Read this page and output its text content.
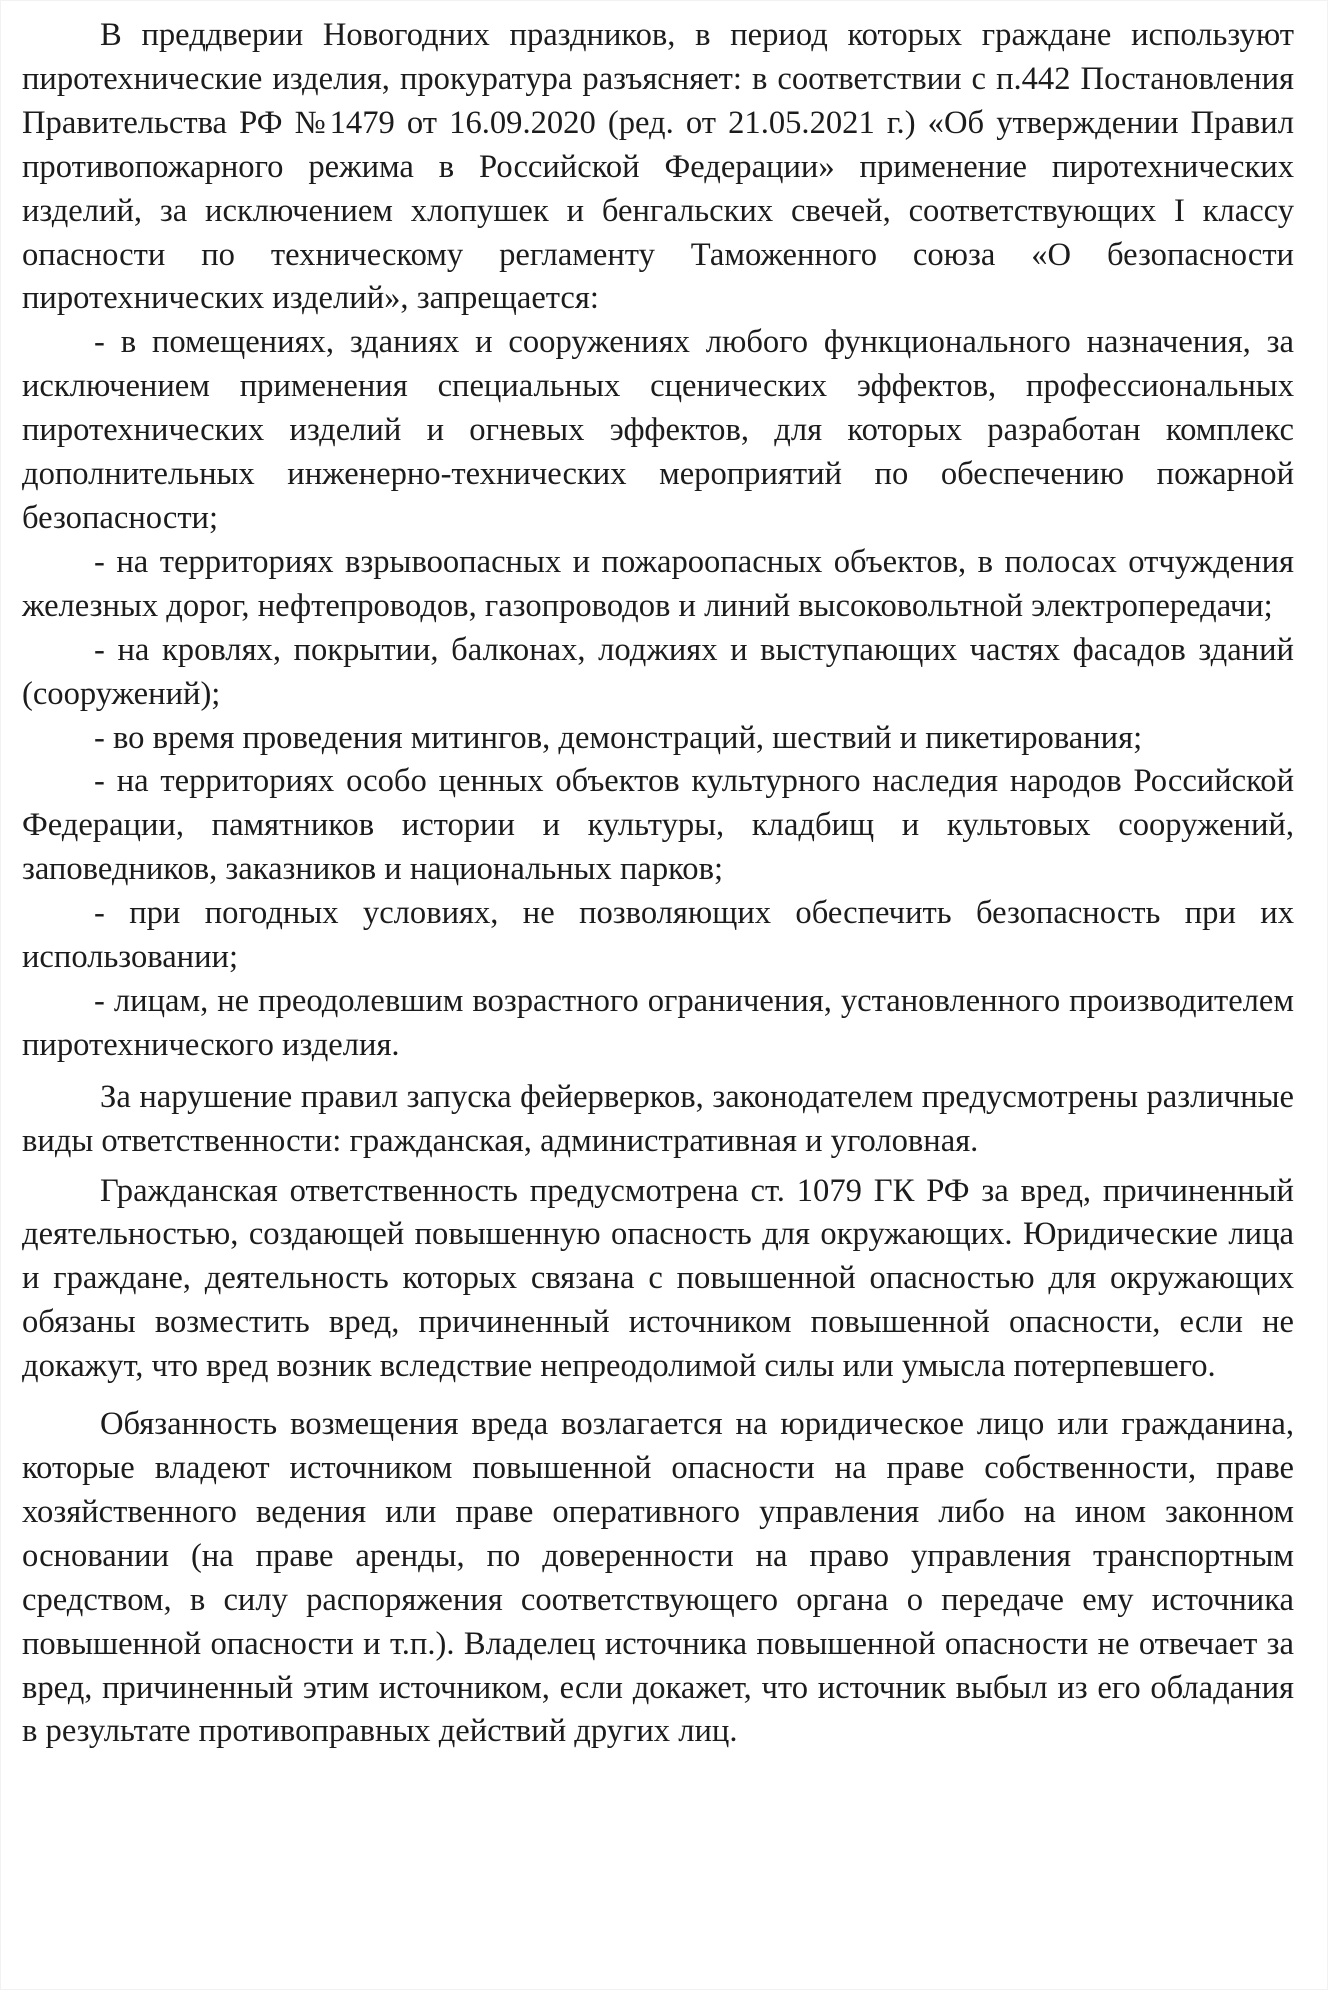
В преддверии Новогодних праздников, в период которых граждане используют пиротехнические изделия, прокуратура разъясняет: в соответствии с п.442 Постановления Правительства РФ №1479 от 16.09.2020 (ред. от 21.05.2021 г.) «Об утверждении Правил противопожарного режима в Российской Федерации» применение пиротехнических изделий, за исключением хлопушек и бенгальских свечей, соответствующих I классу опасности по техническому регламенту Таможенного союза «О безопасности пиротехнических изделий», запрещается:

- в помещениях, зданиях и сооружениях любого функционального назначения, за исключением применения специальных сценических эффектов, профессиональных пиротехнических изделий и огневых эффектов, для которых разработан комплекс дополнительных инженерно-технических мероприятий по обеспечению пожарной безопасности;

- на территориях взрывоопасных и пожароопасных объектов, в полосах отчуждения железных дорог, нефтепроводов, газопроводов и линий высоковольтной электропередачи;

- на кровлях, покрытии, балконах, лоджиях и выступающих частях фасадов зданий (сооружений);

- во время проведения митингов, демонстраций, шествий и пикетирования;

- на территориях особо ценных объектов культурного наследия народов Российской Федерации, памятников истории и культуры, кладбищ и культовых сооружений, заповедников, заказников и национальных парков;

- при погодных условиях, не позволяющих обеспечить безопасность при их использовании;

- лицам, не преодолевшим возрастного ограничения, установленного производителем пиротехнического изделия.

За нарушение правил запуска фейерверков, законодателем предусмотрены различные виды ответственности: гражданская, административная и уголовная.

Гражданская ответственность предусмотрена ст. 1079 ГК РФ за вред, причиненный деятельностью, создающей повышенную опасность для окружающих. Юридические лица и граждане, деятельность которых связана с повышенной опасностью для окружающих обязаны возместить вред, причиненный источником повышенной опасности, если не докажут, что вред возник вследствие непреодолимой силы или умысла потерпевшего.

Обязанность возмещения вреда возлагается на юридическое лицо или гражданина, которые владеют источником повышенной опасности на праве собственности, праве хозяйственного ведения или праве оперативного управления либо на ином законном основании (на праве аренды, по доверенности на право управления транспортным средством, в силу распоряжения соответствующего органа о передаче ему источника повышенной опасности и т.п.). Владелец источника повышенной опасности не отвечает за вред, причиненный этим источником, если докажет, что источник выбыл из его обладания в результате противоправных действий других лиц.
